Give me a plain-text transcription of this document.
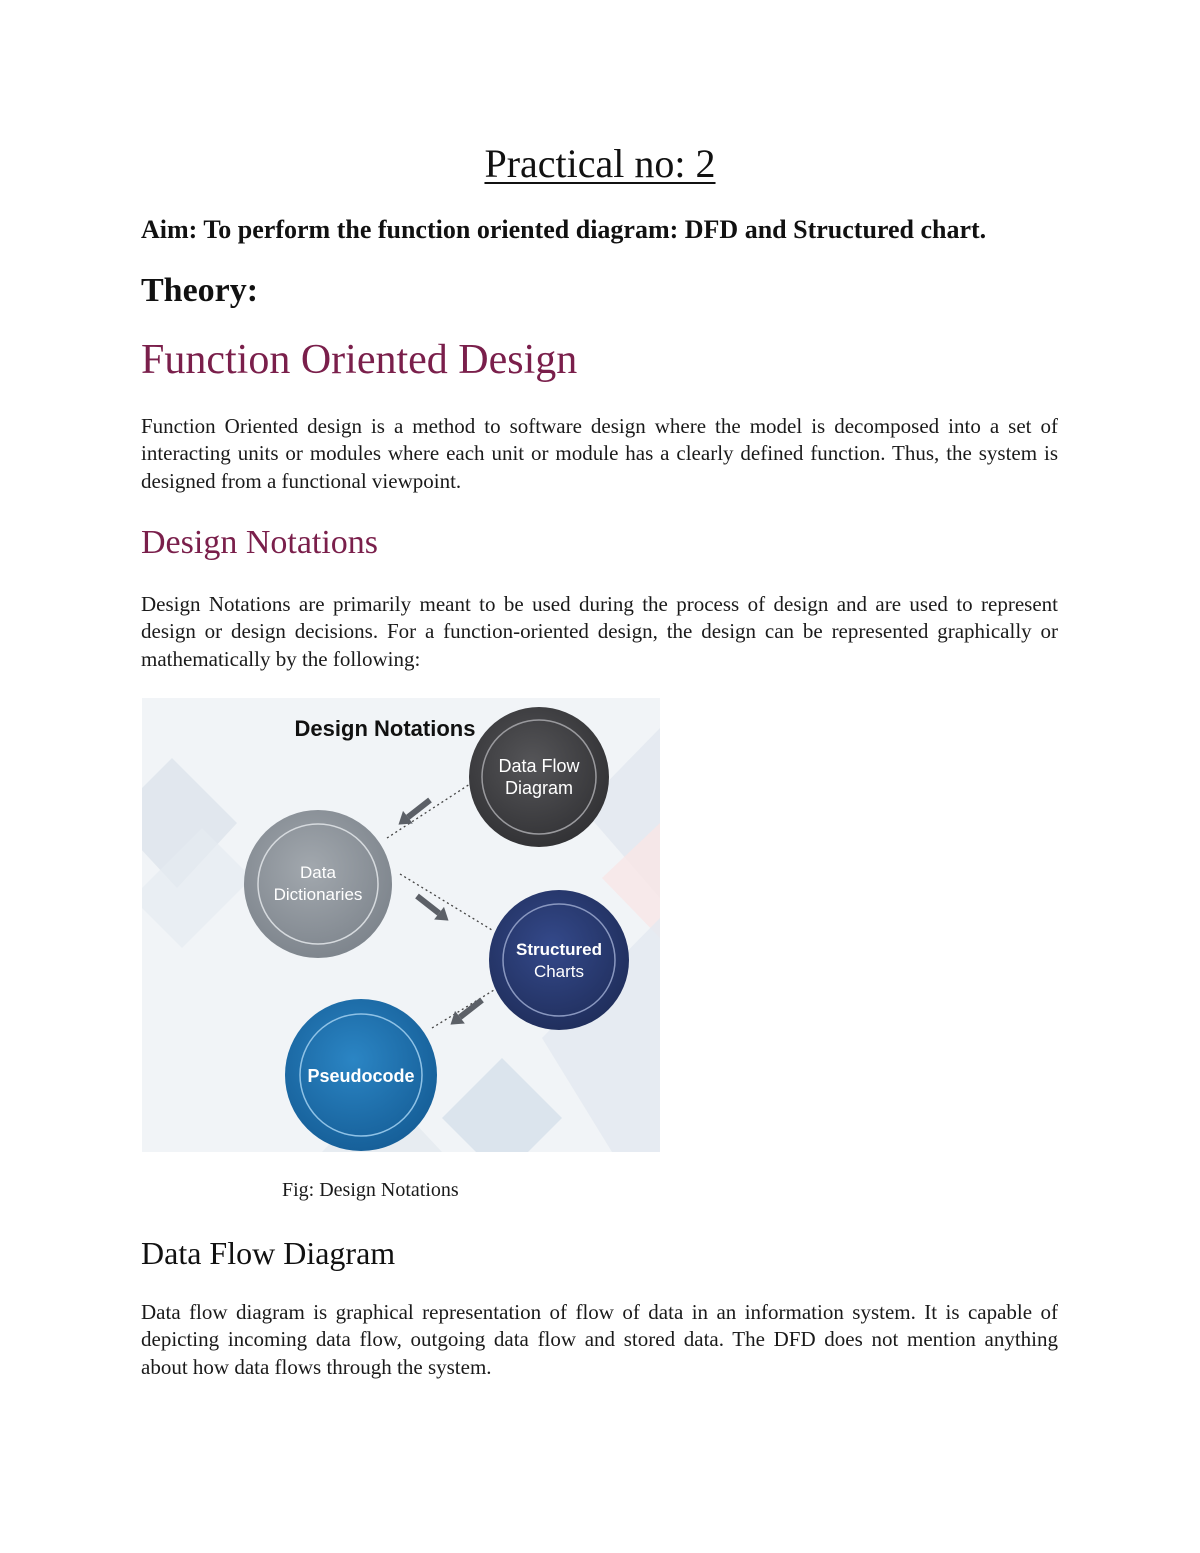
Practical no: 2
Aim: To perform the function oriented diagram: DFD and Structured chart.
Theory:
Function Oriented Design
Function Oriented design is a method to software design where the model is decomposed into a set of interacting units or modules where each unit or module has a clearly defined function. Thus, the system is designed from a functional viewpoint.
Design Notations
Design Notations are primarily meant to be used during the process of design and are used to represent design or design decisions. For a function-oriented design, the design can be represented graphically or mathematically by the following:
Design Notations
Data Flow
Diagram
Data
Dictionaries
Structured
Charts
Pseudocode
Fig: Design Notations
Data Flow Diagram
Data flow diagram is graphical representation of flow of data in an information system. It is capable of depicting incoming data flow, outgoing data flow and stored data. The DFD does not mention anything about how data flows through the system.
